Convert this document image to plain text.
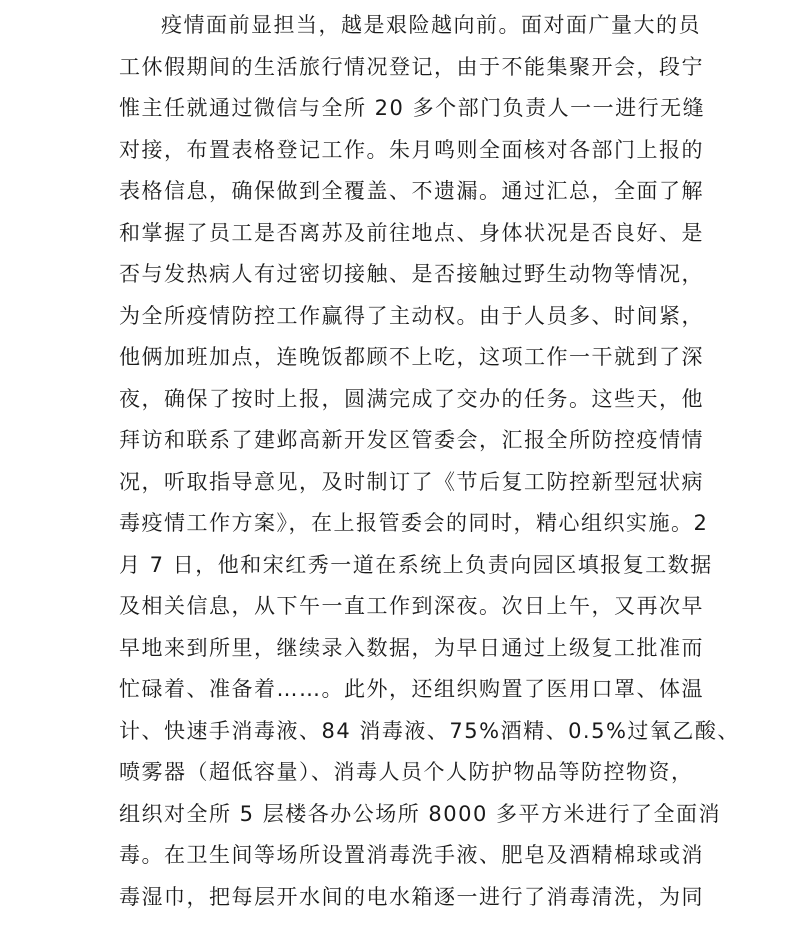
疫情面前显担当，越是艰险越向前。面对面广量大的员
工休假期间的生活旅行情况登记，由于不能集聚开会，段宁
惟主任就通过微信与全所 20 多个部门负责人一一进行无缝
对接，布置表格登记工作。朱月鸣则全面核对各部门上报的
表格信息，确保做到全覆盖、不遗漏。通过汇总，全面了解
和掌握了员工是否离苏及前往地点、身体状况是否良好、是
否与发热病人有过密切接触、是否接触过野生动物等情况，
为全所疫情防控工作赢得了主动权。由于人员多、时间紧，
他俩加班加点，连晚饭都顾不上吃，这项工作一干就到了深
夜，确保了按时上报，圆满完成了交办的任务。这些天，他
拜访和联系了建邺高新开发区管委会，汇报全所防控疫情情
况，听取指导意见，及时制订了《节后复工防控新型冠状病
毒疫情工作方案》，在上报管委会的同时，精心组织实施。2
月 7 日，他和宋红秀一道在系统上负责向园区填报复工数据
及相关信息，从下午一直工作到深夜。次日上午，又再次早
早地来到所里，继续录入数据，为早日通过上级复工批准而
忙碌着、准备着……。此外，还组织购置了医用口罩、体温
计、快速手消毒液、84 消毒液、75%酒精、0.5%过氧乙酸、
喷雾器（超低容量）、消毒人员个人防护物品等防控物资，
组织对全所 5 层楼各办公场所 8000 多平方米进行了全面消
毒。在卫生间等场所设置消毒洗手液、肥皂及酒精棉球或消
毒湿巾，把每层开水间的电水箱逐一进行了消毒清洗，为同
